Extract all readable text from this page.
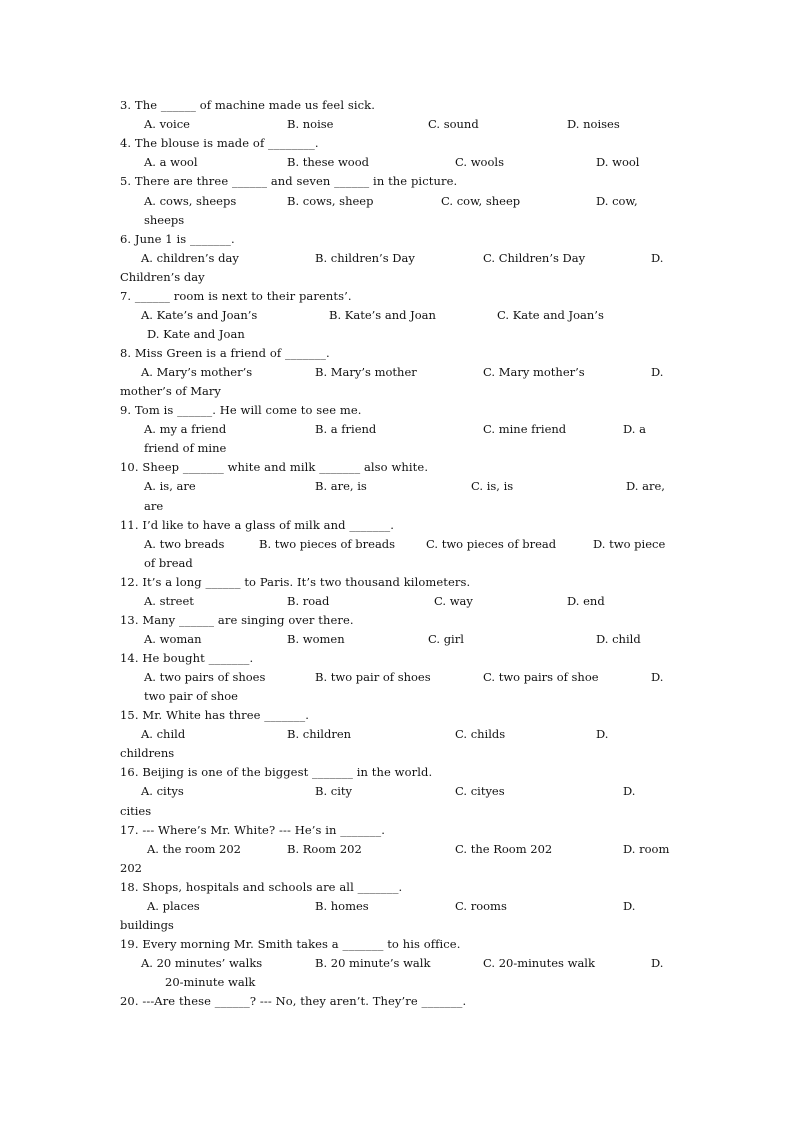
3. The ______ of machine made us feel sick.
A. voice	B. noise	C. sound	D. noises
4. The blouse is made of ________.
A. a wool	B. these wood	C. wools	D. wool
5. There are three ______ and seven ______ in the picture.
A. cows, sheeps	B. cows, sheep	C. cow, sheep	D. cow,
sheeps
6. June 1 is _______.
A. children’s day	B. children’s Day	C. Children’s Day	D.
Children’s day
7. ______ room is next to their parents’.
A. Kate’s and Joan’s	B. Kate’s and Joan	C. Kate and Joan’s
D. Kate and Joan
8. Miss Green is a friend of _______.
A. Mary’s mother’s	B. Mary’s mother	C. Mary mother’s	D.
mother’s of Mary
9. Tom is ______. He will come to see me.
A. my a friend	B. a friend	C. mine friend	D. a
friend of mine
10. Sheep _______ white and milk _______ also white.
A. is, are	B. are, is	C. is, is	D. are,
are
11. I’d like to have a glass of milk and _______.
A. two breads	B. two pieces of breads	C. two pieces of bread	D. two piece
of bread
12. It’s a long ______ to Paris. It’s two thousand kilometers.
A. street	B. road	C. way	D. end
13. Many ______ are singing over there.
A. woman	B. women	C. girl	D. child
14. He bought _______.
A. two pairs of shoes	B. two pair of shoes	C. two pairs of shoe	D.
two pair of shoe
15. Mr. White has three _______.
A. child	B. children	C. childs	D.
childrens
16. Beijing is one of the biggest _______ in the world.
A. citys	B. city	C. cityes	D.
cities
17. --- Where’s Mr. White? --- He’s in _______.
A. the room 202	B. Room 202	C. the Room 202	D. room
202
18. Shops, hospitals and schools are all _______.
A. places	B. homes	C. rooms	D.
buildings
19. Every morning Mr. Smith takes a _______ to his office.
A. 20 minutes’ walks	B. 20 minute’s walk	C. 20-minutes walk	D.
20-minute walk
20. ---Are these ______? --- No, they aren’t. They’re _______.
